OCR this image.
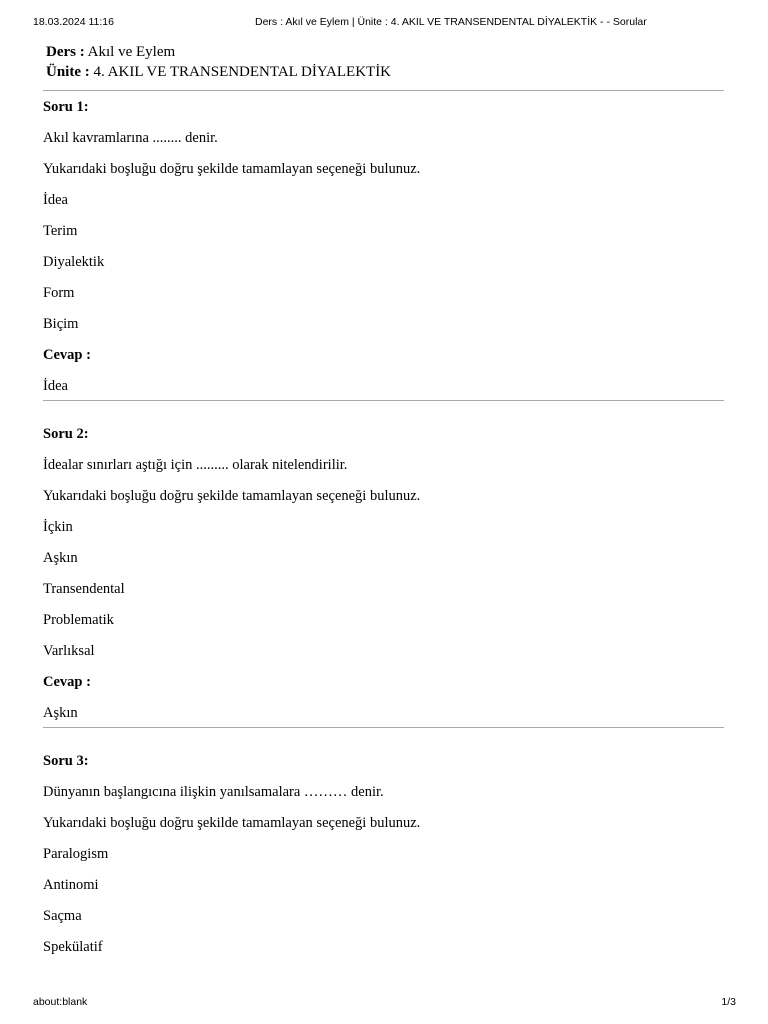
18.03.2024 11:16	Ders : Akıl ve Eylem | Ünite : 4. AKIL VE TRANSENDENTAL DİYALEKTİK - - Sorular
Ders : Akıl ve Eylem
Ünite : 4. AKIL VE TRANSENDENTAL DİYALEKTİK
Soru 1:
Akıl kavramlarına ........ denir.
Yukarıdaki boşluğu doğru şekilde tamamlayan seçeneği bulunuz.
İdea
Terim
Diyalektik
Form
Biçim
Cevap :
İdea
Soru 2:
İdealar sınırları aştığı için ......... olarak nitelendirilir.
Yukarıdaki boşluğu doğru şekilde tamamlayan seçeneği bulunuz.
İçkin
Aşkın
Transendental
Problematik
Varlıksal
Cevap :
Aşkın
Soru 3:
Dünyanın başlangıcına ilişkin yanılsamalara ……… denir.
Yukarıdaki boşluğu doğru şekilde tamamlayan seçeneği bulunuz.
Paralogism
Antinomi
Saçma
Spekülatif
about:blank	1/3
